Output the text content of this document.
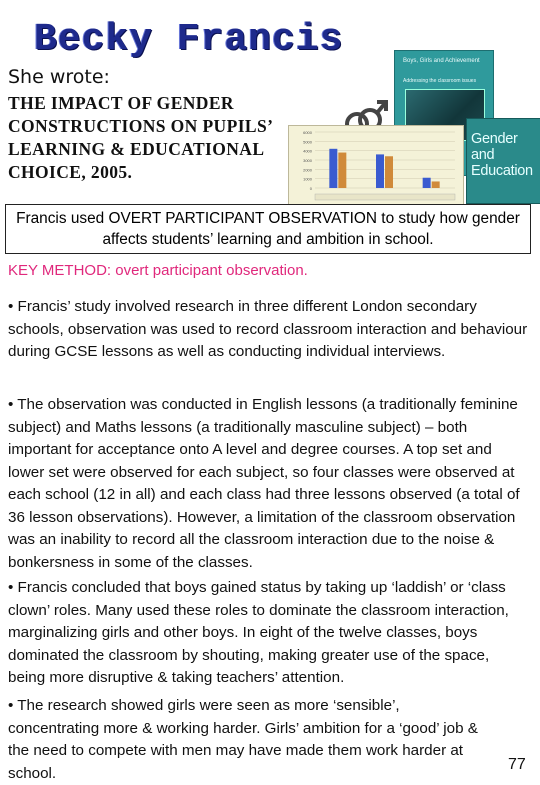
Becky Francis
She wrote:
THE IMPACT OF GENDER CONSTRUCTIONS ON PUPILS’ LEARNING & EDUCATIONAL CHOICE, 2005.
Boys, Girls and Achievement
Addressing the classroom issues
6000
5000
4000
3000
2000
1000
0
Gender and Education
Francis used OVERT PARTICIPANT OBSERVATION to study how gender affects students’ learning and ambition in school.
KEY METHOD: overt participant observation.
• Francis’ study involved research in three different London secondary schools, observation was used to record classroom interaction and behaviour during GCSE lessons as well as conducting individual interviews.
• The observation was conducted in English lessons (a traditionally feminine subject) and Maths lessons (a traditionally masculine subject) – both important for acceptance onto A level and degree courses. A top set and lower set were observed for each subject, so four classes were observed at each school (12 in all) and each class had three lessons observed (a total of 36 lesson observations). However, a limitation of the classroom observation was an inability to record all the classroom interaction due to the noise & bonkersness in some of the classes.
• Francis concluded that boys gained status by taking up ‘laddish’ or ‘class clown’ roles. Many used these roles to dominate the classroom interaction, marginalizing girls and other boys. In eight of the twelve classes, boys dominated the classroom by shouting, making greater use of the space, being more disruptive & taking teachers’ attention.
• The research showed girls were seen as more ‘sensible’, concentrating more & working harder. Girls’ ambition for a ‘good’ job & the need to compete with men may have made them work harder at school.	77
